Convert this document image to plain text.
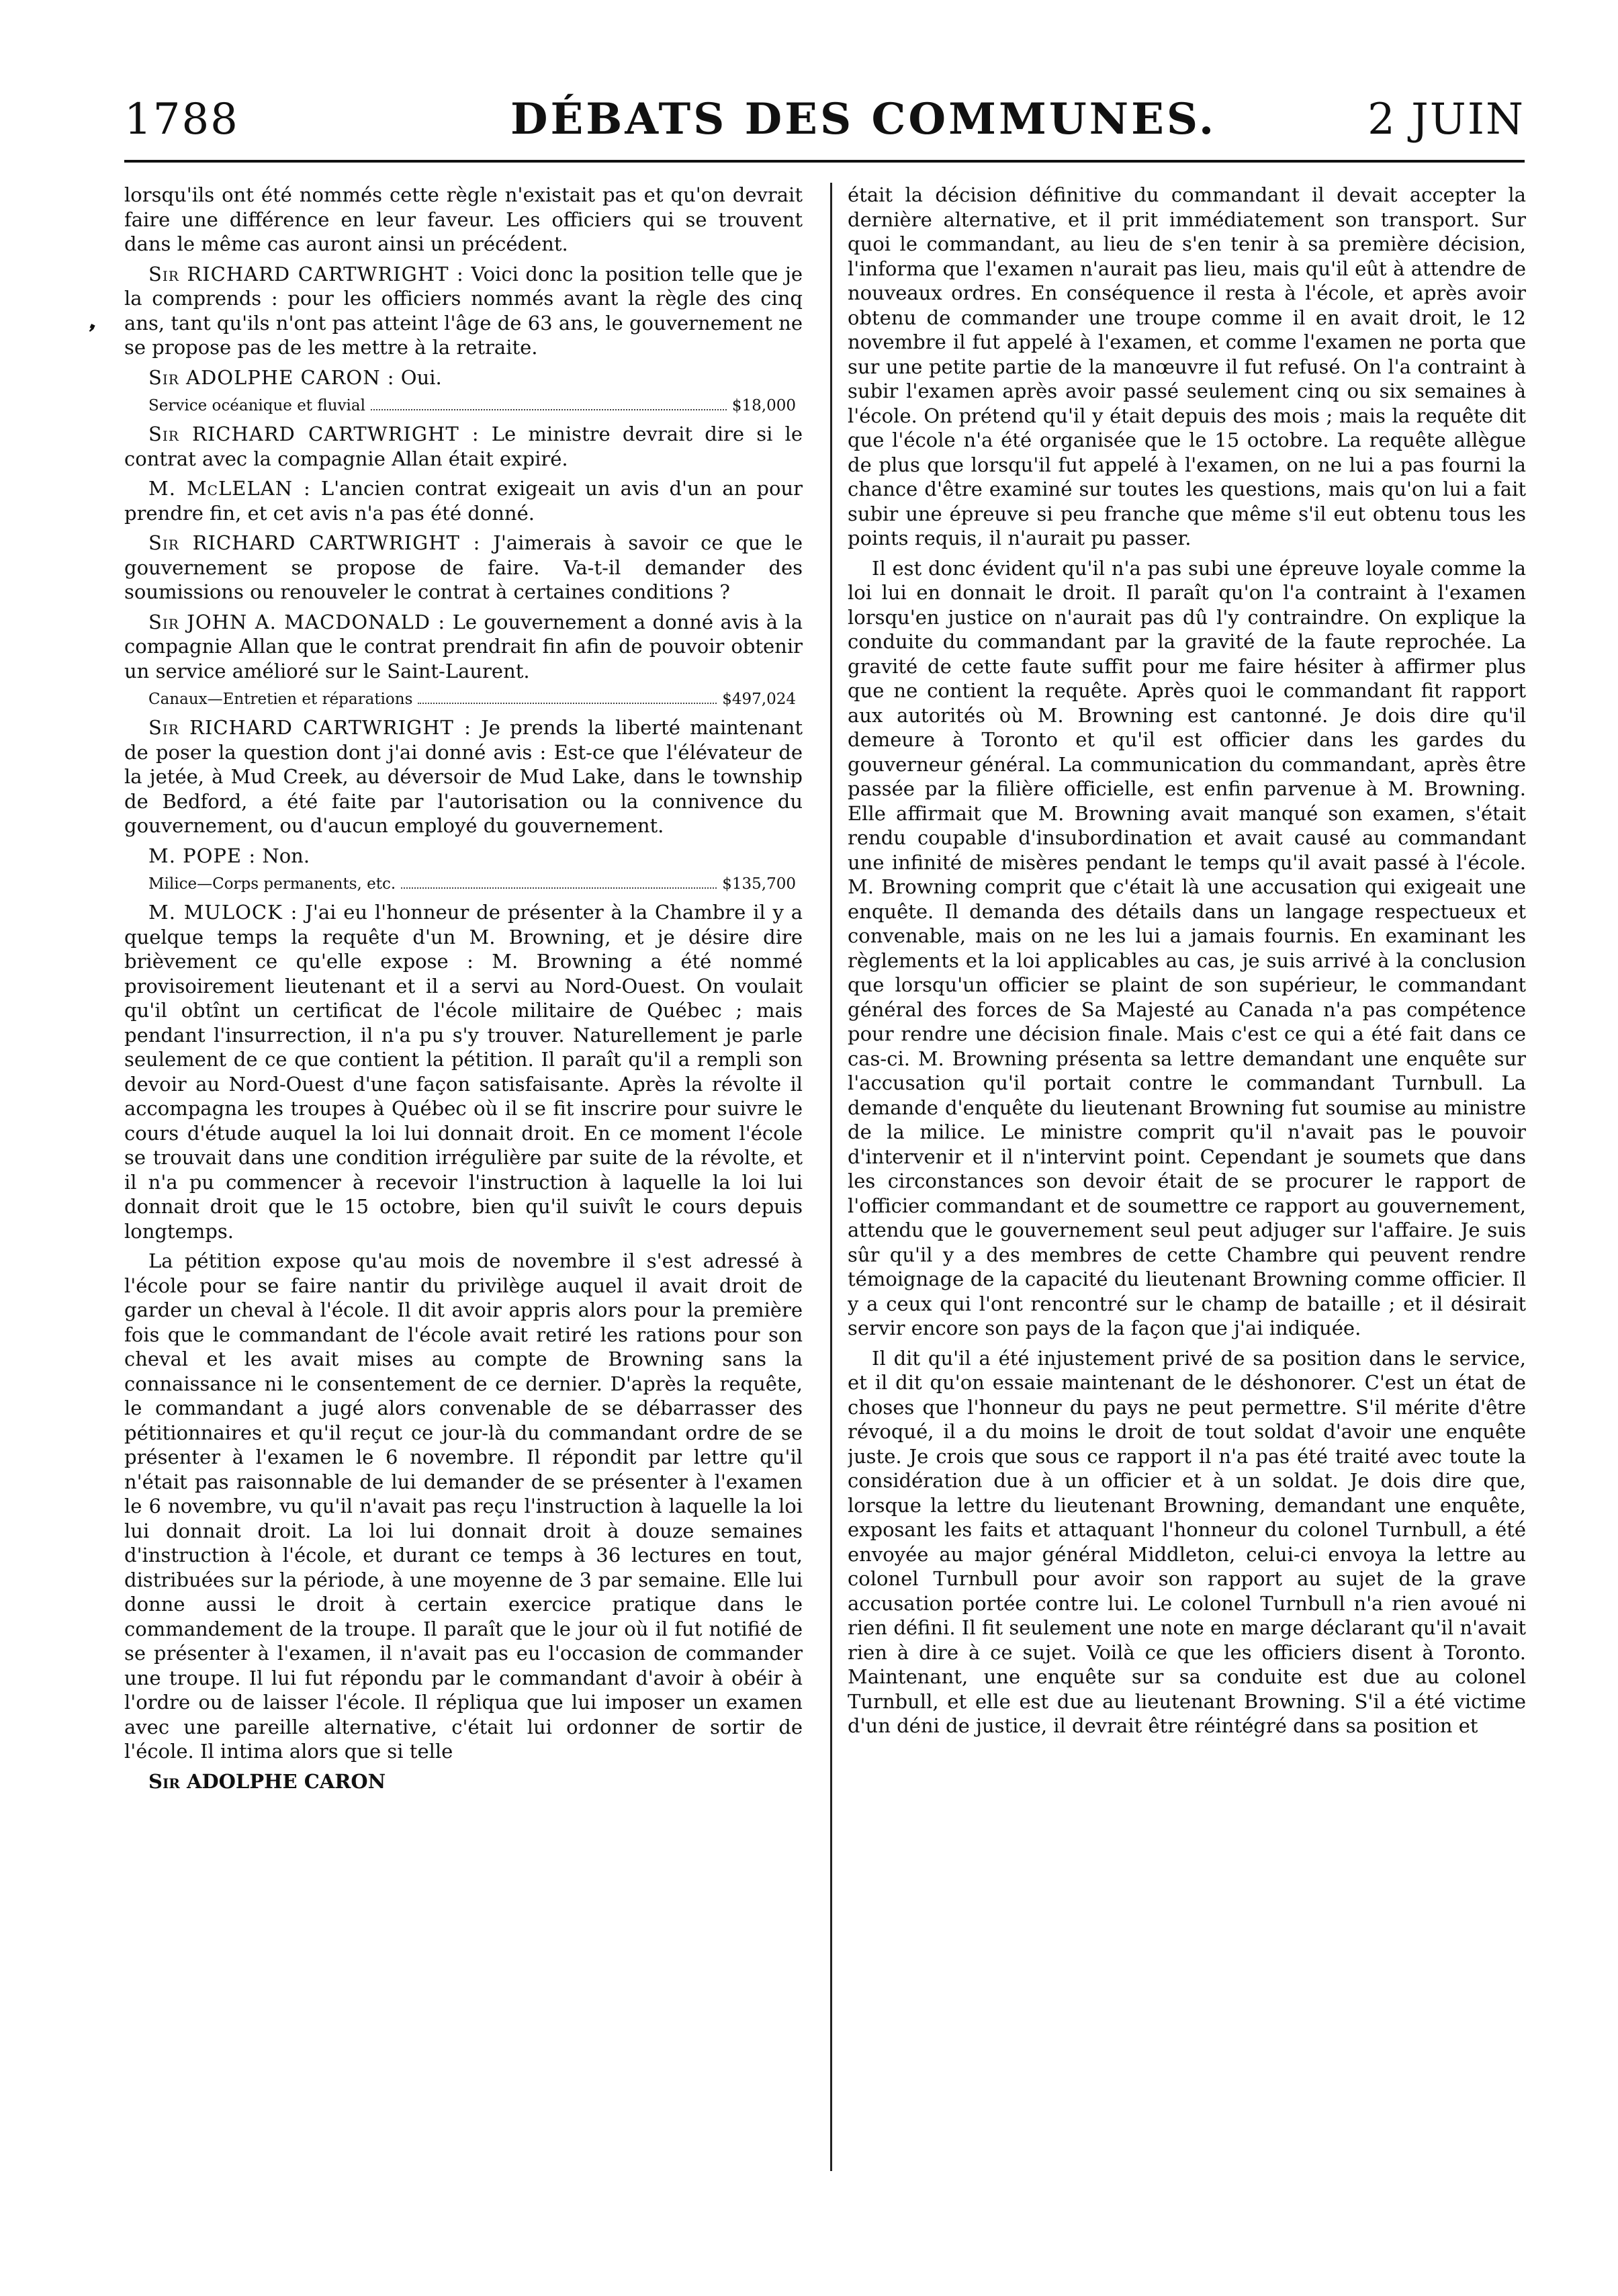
1788	DÉBATS DES COMMUNES.	2 JUIN
❜

lorsqu'ils ont été nommés cette règle n'existait pas et qu'on devrait faire une différence en leur faveur. Les officiers qui se trouvent dans le même cas auront ainsi un précédent.

Sir RICHARD CARTWRIGHT : Voici donc la position telle que je la comprends : pour les officiers nommés avant la règle des cinq ans, tant qu'ils n'ont pas atteint l'âge de 63 ans, le gouvernement ne se propose pas de les mettre à la retraite.

Sir ADOLPHE CARON : Oui.

Service océanique et fluvial	$18,000

Sir RICHARD CARTWRIGHT : Le ministre devrait dire si le contrat avec la compagnie Allan était expiré.

M. McLELAN : L'ancien contrat exigeait un avis d'un an pour prendre fin, et cet avis n'a pas été donné.

Sir RICHARD CARTWRIGHT : J'aimerais à savoir ce que le gouvernement se propose de faire. Va-t-il demander des soumissions ou renouveler le contrat à certaines conditions ?

Sir JOHN A. MACDONALD : Le gouvernement a donné avis à la compagnie Allan que le contrat prendrait fin afin de pouvoir obtenir un service amélioré sur le Saint-Laurent.

Canaux—Entretien et réparations	$497,024

Sir RICHARD CARTWRIGHT : Je prends la liberté maintenant de poser la question dont j'ai donné avis : Est-ce que l'élévateur de la jetée, à Mud Creek, au déversoir de Mud Lake, dans le township de Bedford, a été faite par l'autorisation ou la connivence du gouvernement, ou d'aucun employé du gouvernement.

M. POPE : Non.

Milice—Corps permanents, etc.	$135,700

M. MULOCK : J'ai eu l'honneur de présenter à la Chambre il y a quelque temps la requête d'un M. Browning, et je désire dire brièvement ce qu'elle expose : M. Browning a été nommé provisoirement lieutenant et il a servi au Nord-Ouest. On voulait qu'il obtînt un certificat de l'école militaire de Québec ; mais pendant l'insurrection, il n'a pu s'y trouver. Naturellement je parle seulement de ce que contient la pétition. Il paraît qu'il a rempli son devoir au Nord-Ouest d'une façon satisfaisante. Après la révolte il accompagna les troupes à Québec où il se fit inscrire pour suivre le cours d'étude auquel la loi lui donnait droit. En ce moment l'école se trouvait dans une condition irrégulière par suite de la révolte, et il n'a pu commencer à recevoir l'instruction à laquelle la loi lui donnait droit que le 15 octobre, bien qu'il suivît le cours depuis longtemps.

La pétition expose qu'au mois de novembre il s'est adressé à l'école pour se faire nantir du privilège auquel il avait droit de garder un cheval à l'école. Il dit avoir appris alors pour la première fois que le commandant de l'école avait retiré les rations pour son cheval et les avait mises au compte de Browning sans la connaissance ni le consentement de ce dernier. D'après la requête, le commandant a jugé alors convenable de se débarrasser des pétitionnaires et qu'il reçut ce jour-là du commandant ordre de se présenter à l'examen le 6 novembre. Il répondit par lettre qu'il n'était pas raisonnable de lui demander de se présenter à l'examen le 6 novembre, vu qu'il n'avait pas reçu l'instruction à laquelle la loi lui donnait droit. La loi lui donnait droit à douze semaines d'instruction à l'école, et durant ce temps à 36 lectures en tout, distribuées sur la période, à une moyenne de 3 par semaine. Elle lui donne aussi le droit à certain exercice pratique dans le commandement de la troupe. Il paraît que le jour où il fut notifié de se présenter à l'examen, il n'avait pas eu l'occasion de commander une troupe. Il lui fut répondu par le commandant d'avoir à obéir à l'ordre ou de laisser l'école. Il répliqua que lui imposer un examen avec une pareille alternative, c'était lui ordonner de sortir de l'école. Il intima alors que si telle

Sir ADOLPHE CARON

était la décision définitive du commandant il devait accepter la dernière alternative, et il prit immédiatement son transport. Sur quoi le commandant, au lieu de s'en tenir à sa première décision, l'informa que l'examen n'aurait pas lieu, mais qu'il eût à attendre de nouveaux ordres. En conséquence il resta à l'école, et après avoir obtenu de commander une troupe comme il en avait droit, le 12 novembre il fut appelé à l'examen, et comme l'examen ne porta que sur une petite partie de la manœuvre il fut refusé. On l'a contraint à subir l'examen après avoir passé seulement cinq ou six semaines à l'école. On prétend qu'il y était depuis des mois ; mais la requête dit que l'école n'a été organisée que le 15 octobre. La requête allègue de plus que lorsqu'il fut appelé à l'examen, on ne lui a pas fourni la chance d'être examiné sur toutes les questions, mais qu'on lui a fait subir une épreuve si peu franche que même s'il eut obtenu tous les points requis, il n'aurait pu passer.

Il est donc évident qu'il n'a pas subi une épreuve loyale comme la loi lui en donnait le droit. Il paraît qu'on l'a contraint à l'examen lorsqu'en justice on n'aurait pas dû l'y contraindre. On explique la conduite du commandant par la gravité de la faute reprochée. La gravité de cette faute suffit pour me faire hésiter à affirmer plus que ne contient la requête. Après quoi le commandant fit rapport aux autorités où M. Browning est cantonné. Je dois dire qu'il demeure à Toronto et qu'il est officier dans les gardes du gouverneur général. La communication du commandant, après être passée par la filière officielle, est enfin parvenue à M. Browning. Elle affirmait que M. Browning avait manqué son examen, s'était rendu coupable d'insubordination et avait causé au commandant une infinité de misères pendant le temps qu'il avait passé à l'école. M. Browning comprit que c'était là une accusation qui exigeait une enquête. Il demanda des détails dans un langage respectueux et convenable, mais on ne les lui a jamais fournis. En examinant les règlements et la loi applicables au cas, je suis arrivé à la conclusion que lorsqu'un officier se plaint de son supérieur, le commandant général des forces de Sa Majesté au Canada n'a pas compétence pour rendre une décision finale. Mais c'est ce qui a été fait dans ce cas-ci. M. Browning présenta sa lettre demandant une enquête sur l'accusation qu'il portait contre le commandant Turnbull. La demande d'enquête du lieutenant Browning fut soumise au ministre de la milice. Le ministre comprit qu'il n'avait pas le pouvoir d'intervenir et il n'intervint point. Cependant je soumets que dans les circonstances son devoir était de se procurer le rapport de l'officier commandant et de soumettre ce rapport au gouvernement, attendu que le gouvernement seul peut adjuger sur l'affaire. Je suis sûr qu'il y a des membres de cette Chambre qui peuvent rendre témoignage de la capacité du lieutenant Browning comme officier. Il y a ceux qui l'ont rencontré sur le champ de bataille ; et il désirait servir encore son pays de la façon que j'ai indiquée.

Il dit qu'il a été injustement privé de sa position dans le service, et il dit qu'on essaie maintenant de le déshonorer. C'est un état de choses que l'honneur du pays ne peut permettre. S'il mérite d'être révoqué, il a du moins le droit de tout soldat d'avoir une enquête juste. Je crois que sous ce rapport il n'a pas été traité avec toute la considération due à un officier et à un soldat. Je dois dire que, lorsque la lettre du lieutenant Browning, demandant une enquête, exposant les faits et attaquant l'honneur du colonel Turnbull, a été envoyée au major général Middleton, celui-ci envoya la lettre au colonel Turnbull pour avoir son rapport au sujet de la grave accusation portée contre lui. Le colonel Turnbull n'a rien avoué ni rien défini. Il fit seulement une note en marge déclarant qu'il n'avait rien à dire à ce sujet. Voilà ce que les officiers disent à Toronto. Maintenant, une enquête sur sa conduite est due au colonel Turnbull, et elle est due au lieutenant Browning. S'il a été victime d'un déni de justice, il devrait être réintégré dans sa position et
